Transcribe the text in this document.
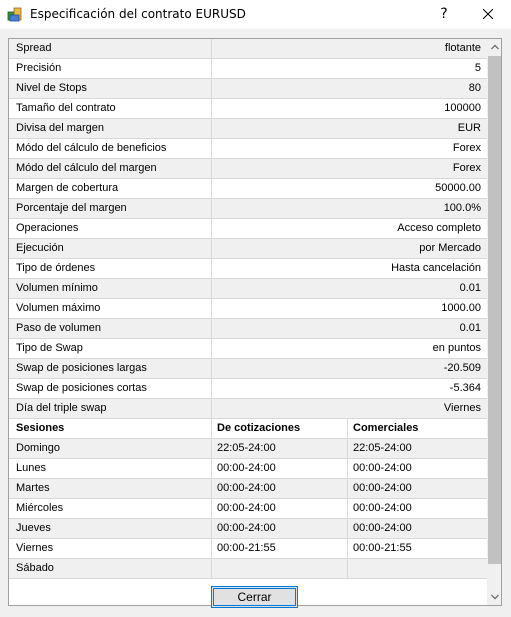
Especificación del contrato EURUSD	?
Spread	flotante
Precisión	5
Nivel de Stops	80
Tamaño del contrato	100000
Divisa del margen	EUR
Módo del cálculo de beneficios	Forex
Módo del cálculo del margen	Forex
Margen de cobertura	50000.00
Porcentaje del margen	100.0%
Operaciones	Acceso completo
Ejecución	por Mercado
Tipo de órdenes	Hasta cancelación
Volumen mínimo	0.01
Volumen máximo	1000.00
Paso de volumen	0.01
Tipo de Swap	en puntos
Swap de posiciones largas	-20.509
Swap de posiciones cortas	-5.364
Día del triple swap	Viernes
Sesiones	De cotizaciones	Comerciales
Domingo	22:05-24:00	22:05-24:00
Lunes	00:00-24:00	00:00-24:00
Martes	00:00-24:00	00:00-24:00
Miércoles	00:00-24:00	00:00-24:00
Jueves	00:00-24:00	00:00-24:00
Viernes	00:00-21:55	00:00-21:55
Sábado
Cerrar
